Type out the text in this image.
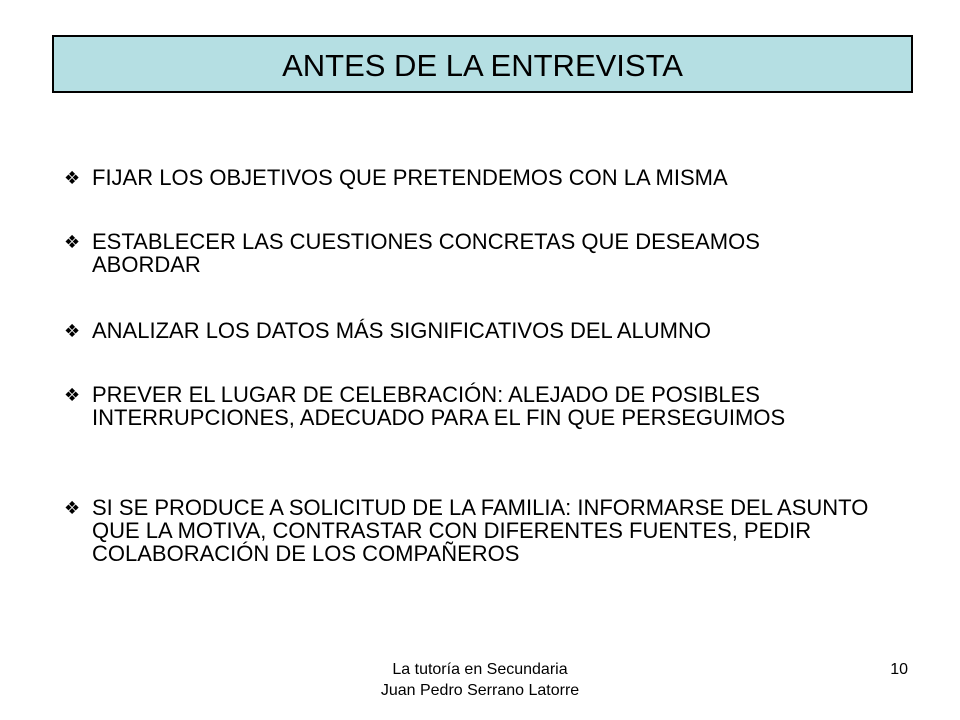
ANTES DE LA ENTREVISTA
❖ FIJAR LOS OBJETIVOS QUE PRETENDEMOS CON LA MISMA
❖ ESTABLECER LAS CUESTIONES CONCRETAS QUE DESEAMOS ABORDAR
❖ ANALIZAR LOS DATOS MÁS SIGNIFICATIVOS DEL ALUMNO
❖ PREVER EL LUGAR DE CELEBRACIÓN: ALEJADO DE POSIBLES INTERRUPCIONES, ADECUADO PARA EL FIN QUE PERSEGUIMOS
❖ SI SE PRODUCE A SOLICITUD DE LA FAMILIA: INFORMARSE DEL ASUNTO QUE LA MOTIVA, CONTRASTAR CON DIFERENTES FUENTES, PEDIR COLABORACIÓN DE LOS COMPAÑEROS
La tutoría en Secundaria
Juan Pedro Serrano Latorre
10
